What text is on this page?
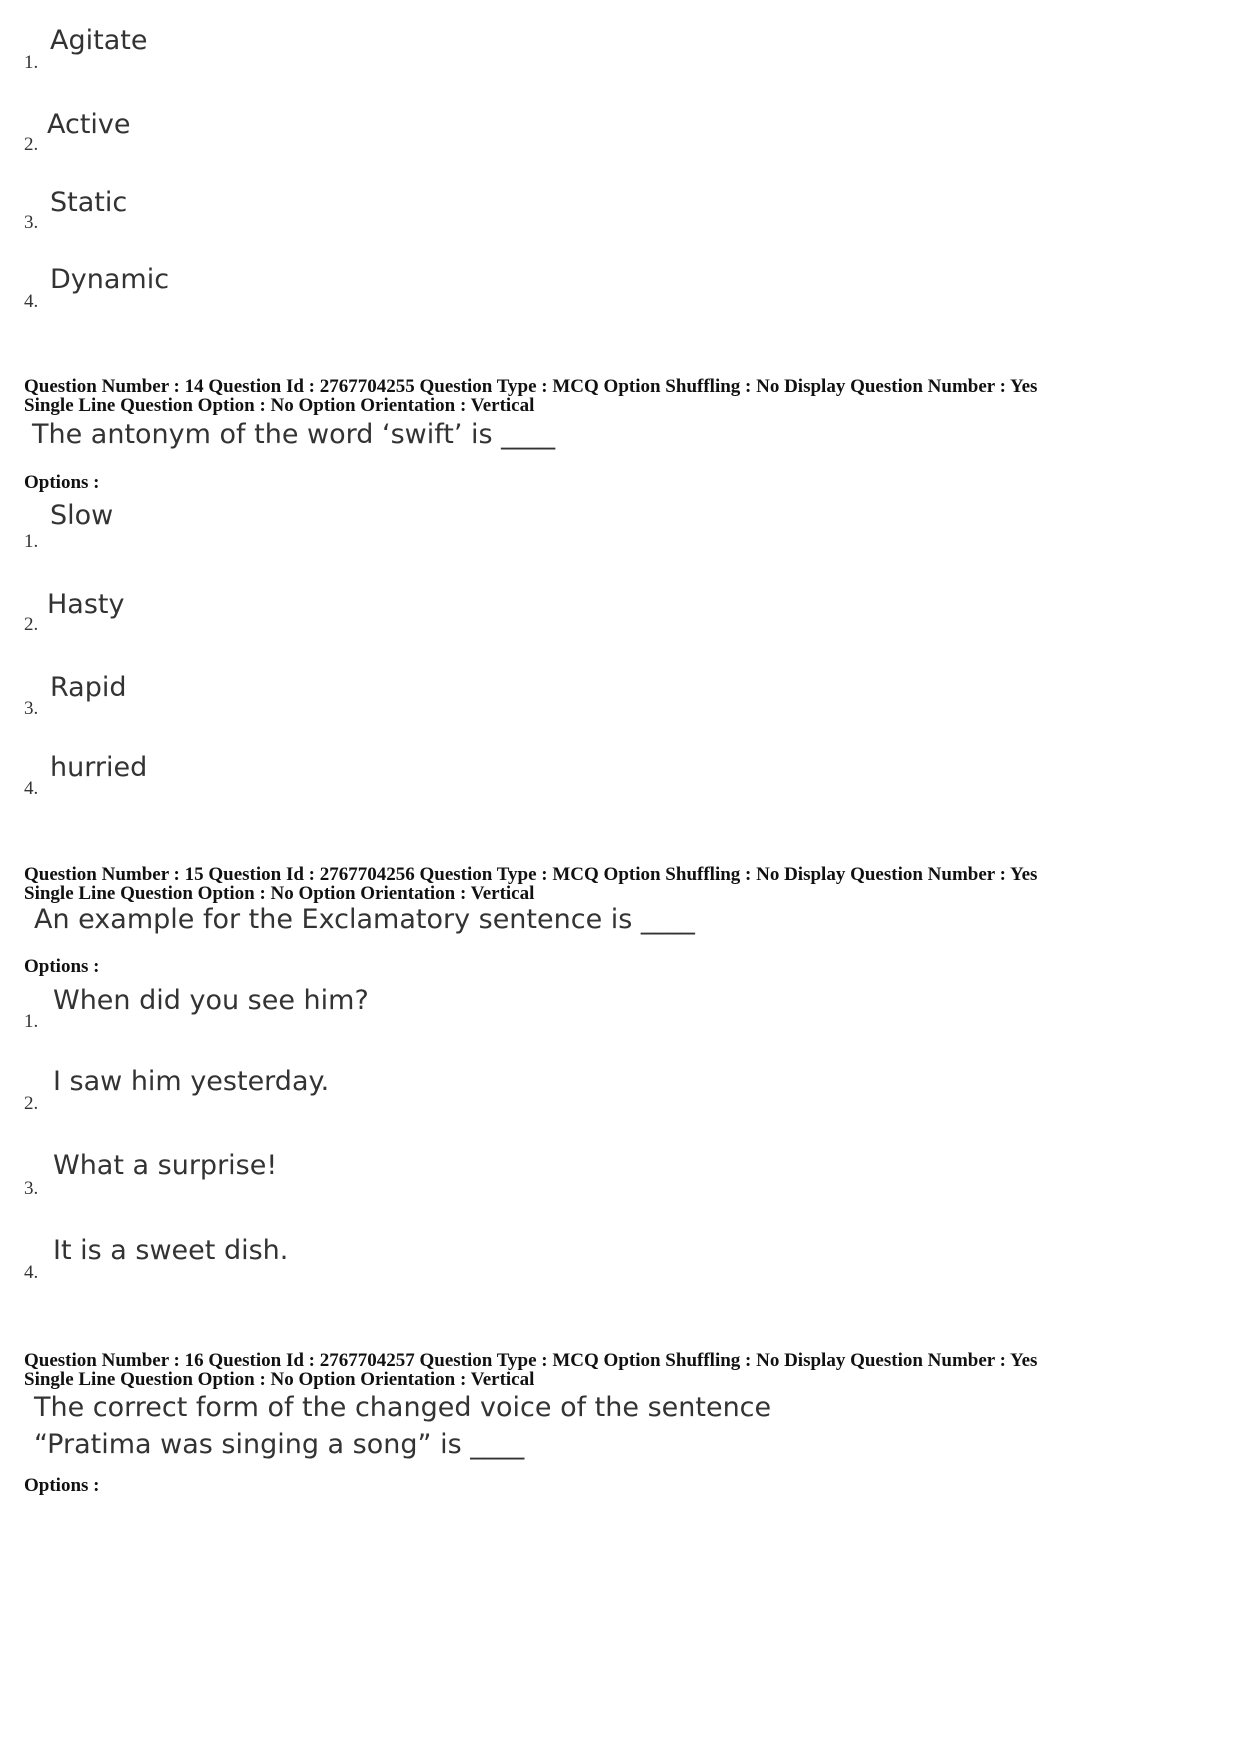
1.
Agitate
2.
Active
3.
Static
4.
Dynamic
Question Number : 14 Question Id : 2767704255 Question Type : MCQ Option Shuffling : No Display Question Number : Yes
Single Line Question Option : No Option Orientation : Vertical
The antonym of the word ‘swift’ is ____
Options :
1.
Slow
2.
Hasty
3.
Rapid
4.
hurried
Question Number : 15 Question Id : 2767704256 Question Type : MCQ Option Shuffling : No Display Question Number : Yes
Single Line Question Option : No Option Orientation : Vertical
An example for the Exclamatory sentence is ____
Options :
1.
When did you see him?
2.
I saw him yesterday.
3.
What a surprise!
4.
It is a sweet dish.
Question Number : 16 Question Id : 2767704257 Question Type : MCQ Option Shuffling : No Display Question Number : Yes
Single Line Question Option : No Option Orientation : Vertical
The correct form of the changed voice of the sentence
“Pratima was singing a song” is ____
Options :
